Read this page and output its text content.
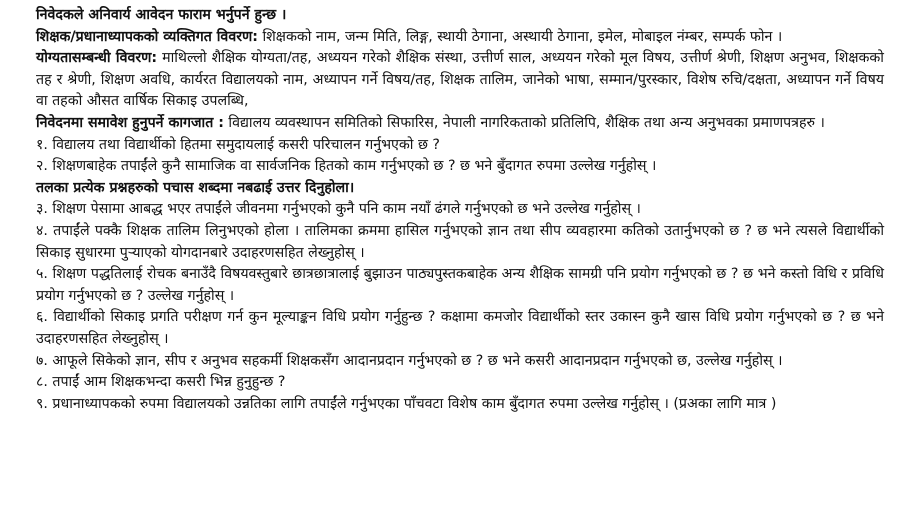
निवेदकले अनिवार्य आवेदन फाराम भर्नुपर्ने हुन्छ ।

शिक्षक/प्रधानाध्यापकको व्यक्तिगत विवरण: शिक्षकको नाम, जन्म मिति, लिङ्ग, स्थायी ठेगाना, अस्थायी ठेगाना, इमेल, मोबाइल नंम्बर, सम्पर्क फोन ।

योग्यतासम्बन्धी विवरण: माथिल्लो शैक्षिक योग्यता/तह, अध्ययन गरेको शैक्षिक संस्था, उत्तीर्ण साल, अध्ययन गरेको मूल विषय, उत्तीर्ण श्रेणी, शिक्षण अनुभव, शिक्षकको तह र श्रेणी, शिक्षण अवधि, कार्यरत विद्यालयको नाम, अध्यापन गर्ने विषय/तह, शिक्षक तालिम, जानेको भाषा, सम्मान/पुरस्कार, विशेष रुचि/दक्षता, अध्यापन गर्ने विषय वा तहको औसत वार्षिक सिकाइ उपलब्धि,

निवेदनमा समावेश हुनुपर्ने कागजात : विद्यालय व्यवस्थापन समितिको सिफारिस, नेपाली नागरिकताको प्रतिलिपि, शैक्षिक तथा अन्य अनुभवका प्रमाणपत्रहरु ।

१. विद्यालय तथा विद्यार्थीको हितमा समुदायलाई कसरी परिचालन गर्नुभएको छ ?

२. शिक्षणबाहेक तपाईंले कुनै सामाजिक वा सार्वजनिक हितको काम गर्नुभएको छ ? छ भने बुँदागत रुपमा उल्लेख गर्नुहोस् ।

तलका प्रत्येक प्रश्नहरुको पचास शब्दमा नबढाई उत्तर दिनुहोला।

३. शिक्षण पेसामा आबद्ध भएर तपाईंले जीवनमा गर्नुभएको कुनै पनि काम नयाँ ढंगले गर्नुभएको छ भने उल्लेख गर्नुहोस् ।

४. तपाईंले पक्कै शिक्षक तालिम लिनुभएको होला । तालिमका क्रममा हासिल गर्नुभएको ज्ञान तथा सीप व्यवहारमा कतिको उतार्नुभएको छ ? छ भने त्यसले विद्यार्थीको सिकाइ सुधारमा पुऱ्याएको योगदानबारे उदाहरणसहित लेख्नुहोस् ।

५. शिक्षण पद्धतिलाई रोचक बनाउँदै विषयवस्तुबारे छात्रछात्रालाई बुझाउन पाठ्यपुस्तकबाहेक अन्य शैक्षिक सामग्री पनि प्रयोग गर्नुभएको छ ? छ भने कस्तो विधि र प्रविधि प्रयोग गर्नुभएको छ ? उल्लेख गर्नुहोस् ।

६. विद्यार्थीको सिकाइ प्रगति परीक्षण गर्न कुन मूल्याङ्कन विधि प्रयोग गर्नुहुन्छ ? कक्षामा कमजोर विद्यार्थीको स्तर उकास्न कुनै खास विधि प्रयोग गर्नुभएको छ ? छ भने उदाहरणसहित लेख्नुहोस् ।

७. आफूले सिकेको ज्ञान, सीप र अनुभव सहकर्मी शिक्षकसँग आदानप्रदान गर्नुभएको छ ? छ भने कसरी आदानप्रदान गर्नुभएको छ, उल्लेख गर्नुहोस् ।

८. तपाईं आम शिक्षकभन्दा कसरी भिन्न हुनुहुन्छ ?

९. प्रधानाध्यापकको रुपमा विद्यालयको उन्नतिका लागि तपाईंले गर्नुभएका पाँचवटा विशेष काम बुँदागत रुपमा उल्लेख गर्नुहोस् । (प्रअका लागि मात्र )
